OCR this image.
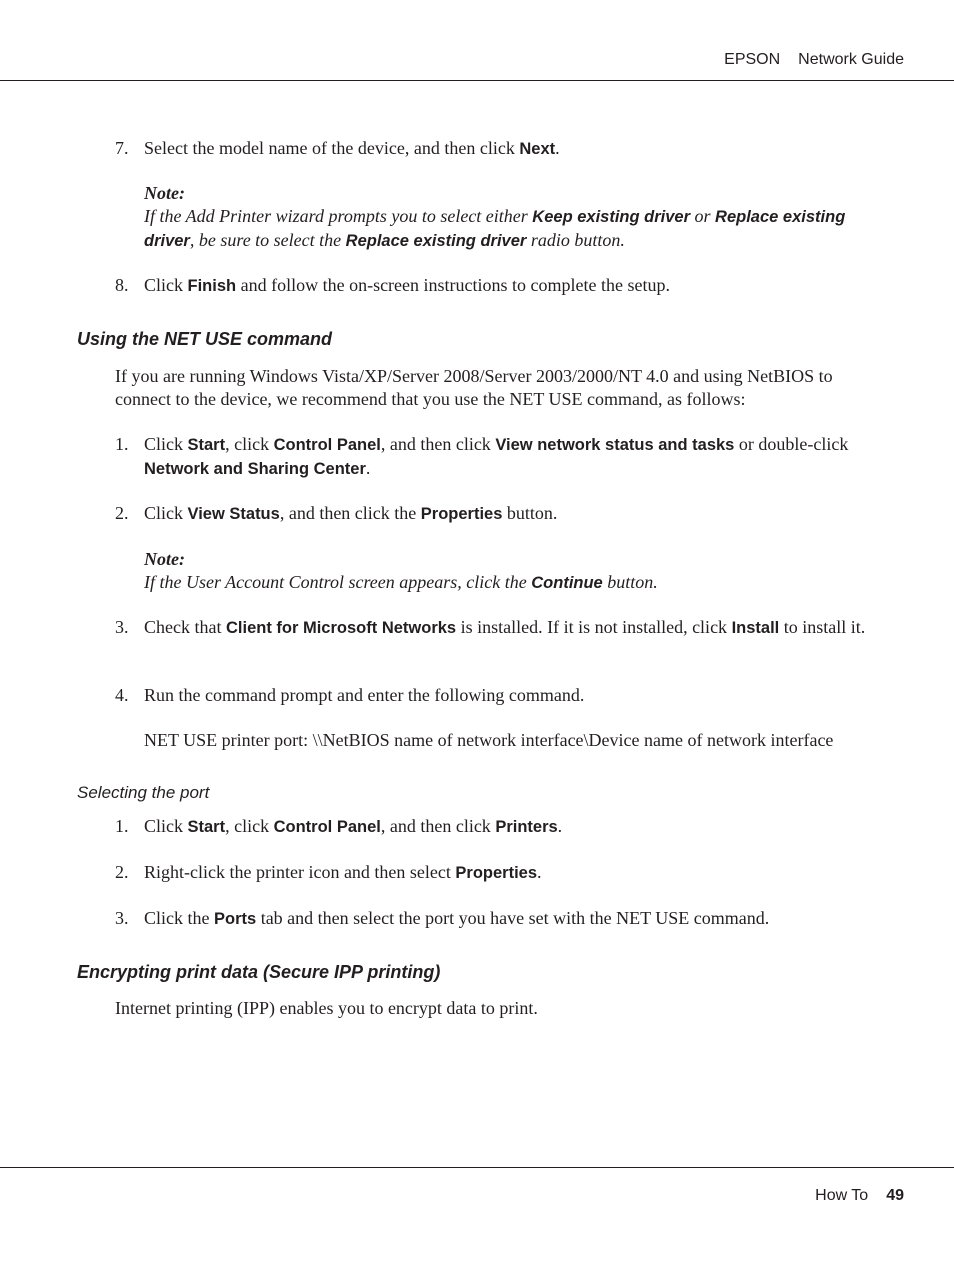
EPSON Network Guide
7. Select the model name of the device, and then click Next.
Note:
If the Add Printer wizard prompts you to select either Keep existing driver or Replace existing driver, be sure to select the Replace existing driver radio button.
8. Click Finish and follow the on-screen instructions to complete the setup.
Using the NET USE command
If you are running Windows Vista/XP/Server 2008/Server 2003/2000/NT 4.0 and using NetBIOS to connect to the device, we recommend that you use the NET USE command, as follows:
1. Click Start, click Control Panel, and then click View network status and tasks or double-click Network and Sharing Center.
2. Click View Status, and then click the Properties button.
Note:
If the User Account Control screen appears, click the Continue button.
3. Check that Client for Microsoft Networks is installed. If it is not installed, click Install to install it.
4. Run the command prompt and enter the following command.
NET USE printer port: \\NetBIOS name of network interface\Device name of network interface
Selecting the port
1. Click Start, click Control Panel, and then click Printers.
2. Right-click the printer icon and then select Properties.
3. Click the Ports tab and then select the port you have set with the NET USE command.
Encrypting print data (Secure IPP printing)
Internet printing (IPP) enables you to encrypt data to print.
How To 49
